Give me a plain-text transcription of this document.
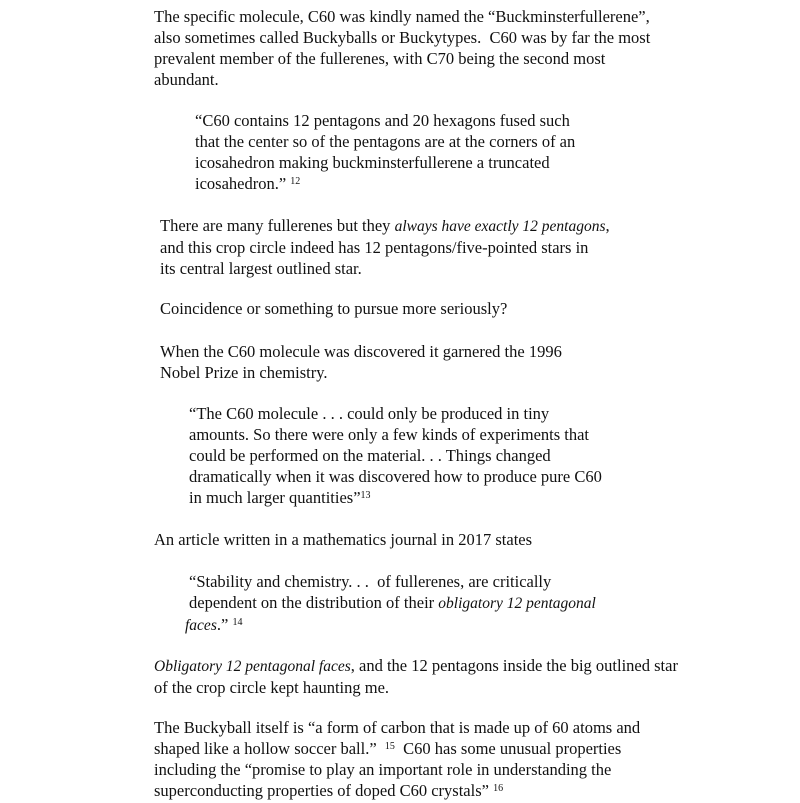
The specific molecule, C60 was kindly named the “Buckminsterfullerene”,
also sometimes called Buckyballs or Buckytypes.  C60 was by far the most
prevalent member of the fullerenes, with C70 being the second most
abundant.
“C60 contains 12 pentagons and 20 hexagons fused such
that the center so of the pentagons are at the corners of an
icosahedron making buckminsterfullerene a truncated
icosahedron.” $^{12}$
There are many fullerenes but they always have exactly 12 pentagons,
and this crop circle indeed has 12 pentagons/five-pointed stars in
its central largest outlined star.
Coincidence or something to pursue more seriously?
When the C60 molecule was discovered it garnered the 1996
Nobel Prize in chemistry.
“The C60 molecule . . . could only be produced in tiny
amounts. So there were only a few kinds of experiments that
could be performed on the material. . . Things changed
dramatically when it was discovered how to produce pure C60
in much larger quantities”$^{13}$
An article written in a mathematics journal in 2017 states
“Stability and chemistry. . .  of fullerenes, are critically
dependent on the distribution of their obligatory 12 pentagonal
faces.” $^{14}$
Obligatory 12 pentagonal faces, and the 12 pentagons inside the big outlined star
of the crop circle kept haunting me.
The Buckyball itself is “a form of carbon that is made up of 60 atoms and
shaped like a hollow soccer ball.”  $^{15}$  C60 has some unusual properties
including the “promise to play an important role in understanding the
superconducting properties of doped C60 crystals” $^{16}$
